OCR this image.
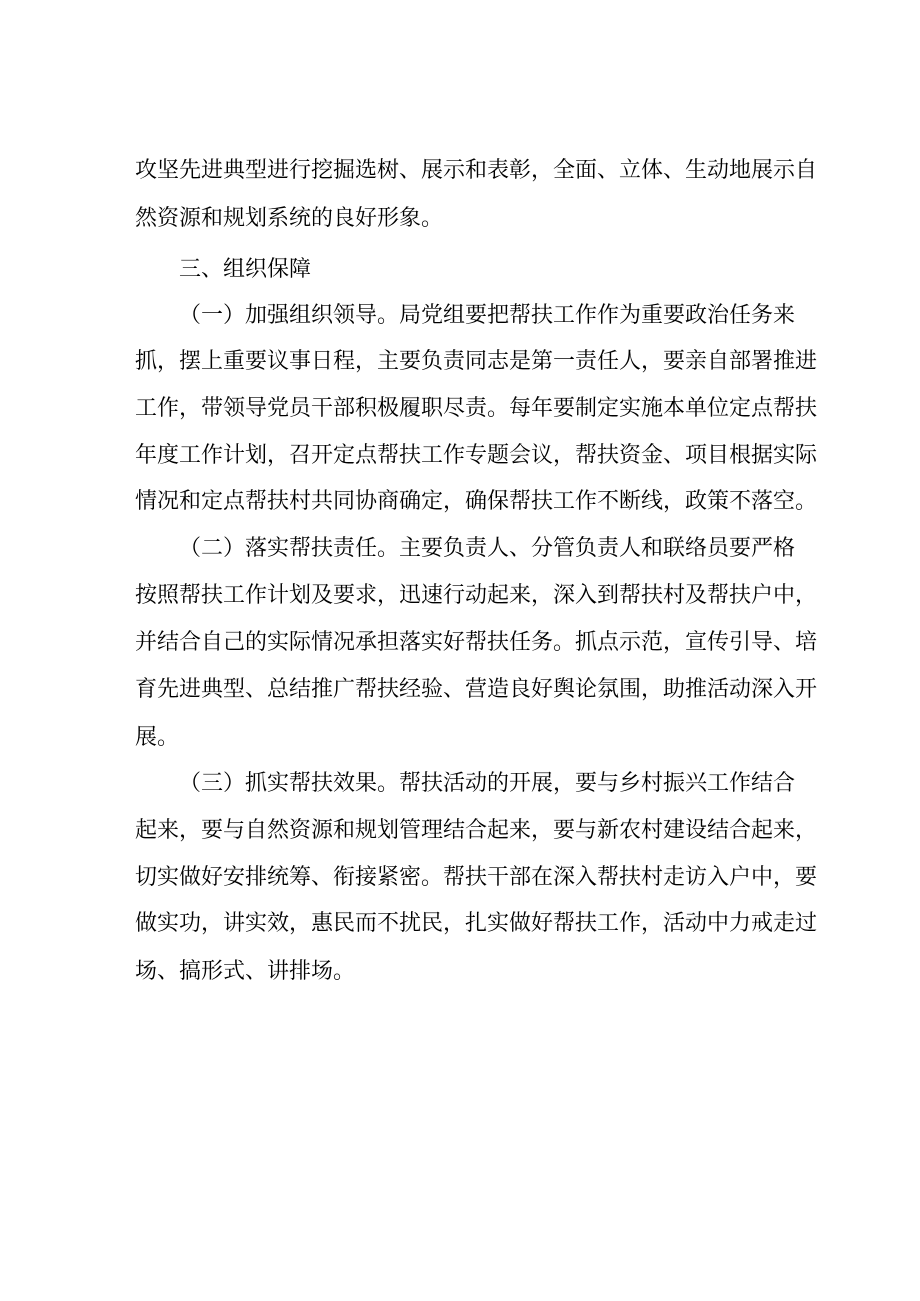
攻坚先进典型进行挖掘选树、展示和表彰，全面、立体、生动地展示自
然资源和规划系统的良好形象。
三、组织保障
（一）加强组织领导。局党组要把帮扶工作作为重要政治任务来
抓，摆上重要议事日程，主要负责同志是第一责任人，要亲自部署推进
工作，带领导党员干部积极履职尽责。每年要制定实施本单位定点帮扶
年度工作计划，召开定点帮扶工作专题会议，帮扶资金、项目根据实际
情况和定点帮扶村共同协商确定，确保帮扶工作不断线，政策不落空。
（二）落实帮扶责任。主要负责人、分管负责人和联络员要严格
按照帮扶工作计划及要求，迅速行动起来，深入到帮扶村及帮扶户中，
并结合自己的实际情况承担落实好帮扶任务。抓点示范，宣传引导、培
育先进典型、总结推广帮扶经验、营造良好舆论氛围，助推活动深入开
展。
（三）抓实帮扶效果。帮扶活动的开展，要与乡村振兴工作结合
起来，要与自然资源和规划管理结合起来，要与新农村建设结合起来，
切实做好安排统筹、衔接紧密。帮扶干部在深入帮扶村走访入户中，要
做实功，讲实效，惠民而不扰民，扎实做好帮扶工作，活动中力戒走过
场、搞形式、讲排场。
